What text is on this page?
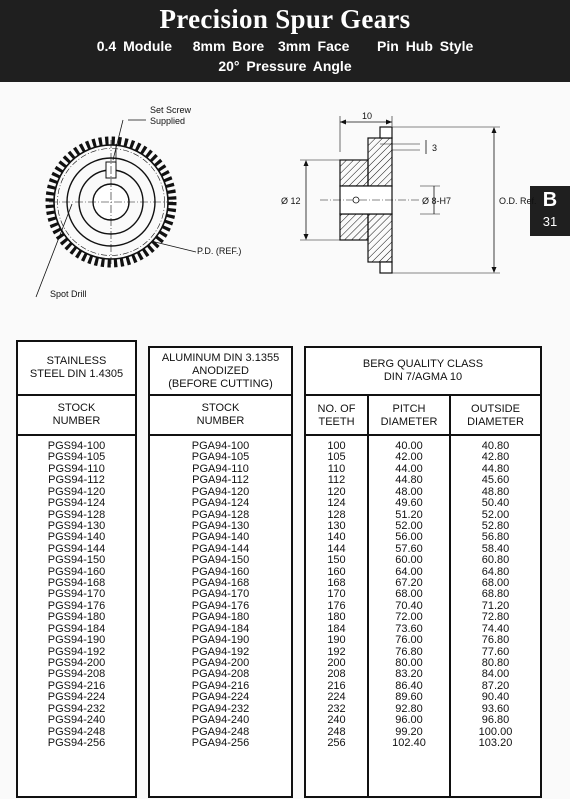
Precision Spur Gears
0.4 Module   8mm Bore  3mm Face    Pin Hub Style
20° Pressure Angle
B
31
Set Screw
Supplied
P.D. (REF.)
Spot Drill
10
3
Ø 12	Ø 8-H7	O.D. Ref.
STAINLESS
STEEL DIN 1.4305
STOCK
NUMBER
PGS94-100
PGS94-105
PGS94-110
PGS94-112
PGS94-120
PGS94-124
PGS94-128
PGS94-130
PGS94-140
PGS94-144
PGS94-150
PGS94-160
PGS94-168
PGS94-170
PGS94-176
PGS94-180
PGS94-184
PGS94-190
PGS94-192
PGS94-200
PGS94-208
PGS94-216
PGS94-224
PGS94-232
PGS94-240
PGS94-248
PGS94-256
ALUMINUM DIN 3.1355
ANODIZED
(BEFORE CUTTING)
STOCK
NUMBER
PGA94-100
PGA94-105
PGA94-110
PGA94-112
PGA94-120
PGA94-124
PGA94-128
PGA94-130
PGA94-140
PGA94-144
PGA94-150
PGA94-160
PGA94-168
PGA94-170
PGA94-176
PGA94-180
PGA94-184
PGA94-190
PGA94-192
PGA94-200
PGA94-208
PGA94-216
PGA94-224
PGA94-232
PGA94-240
PGA94-248
PGA94-256
BERG QUALITY CLASS
DIN 7/AGMA 10
NO. OF
TEETH
PITCH
DIAMETER
OUTSIDE
DIAMETER
100
105
110
112
120
124
128
130
140
144
150
160
168
170
176
180
184
190
192
200
208
216
224
232
240
248
256
40.00
42.00
44.00
44.80
48.00
49.60
51.20
52.00
56.00
57.60
60.00
64.00
67.20
68.00
70.40
72.00
73.60
76.00
76.80
80.00
83.20
86.40
89.60
92.80
96.00
99.20
102.40
40.80
42.80
44.80
45.60
48.80
50.40
52.00
52.80
56.80
58.40
60.80
64.80
68.00
68.80
71.20
72.80
74.40
76.80
77.60
80.80
84.00
87.20
90.40
93.60
96.80
100.00
103.20
